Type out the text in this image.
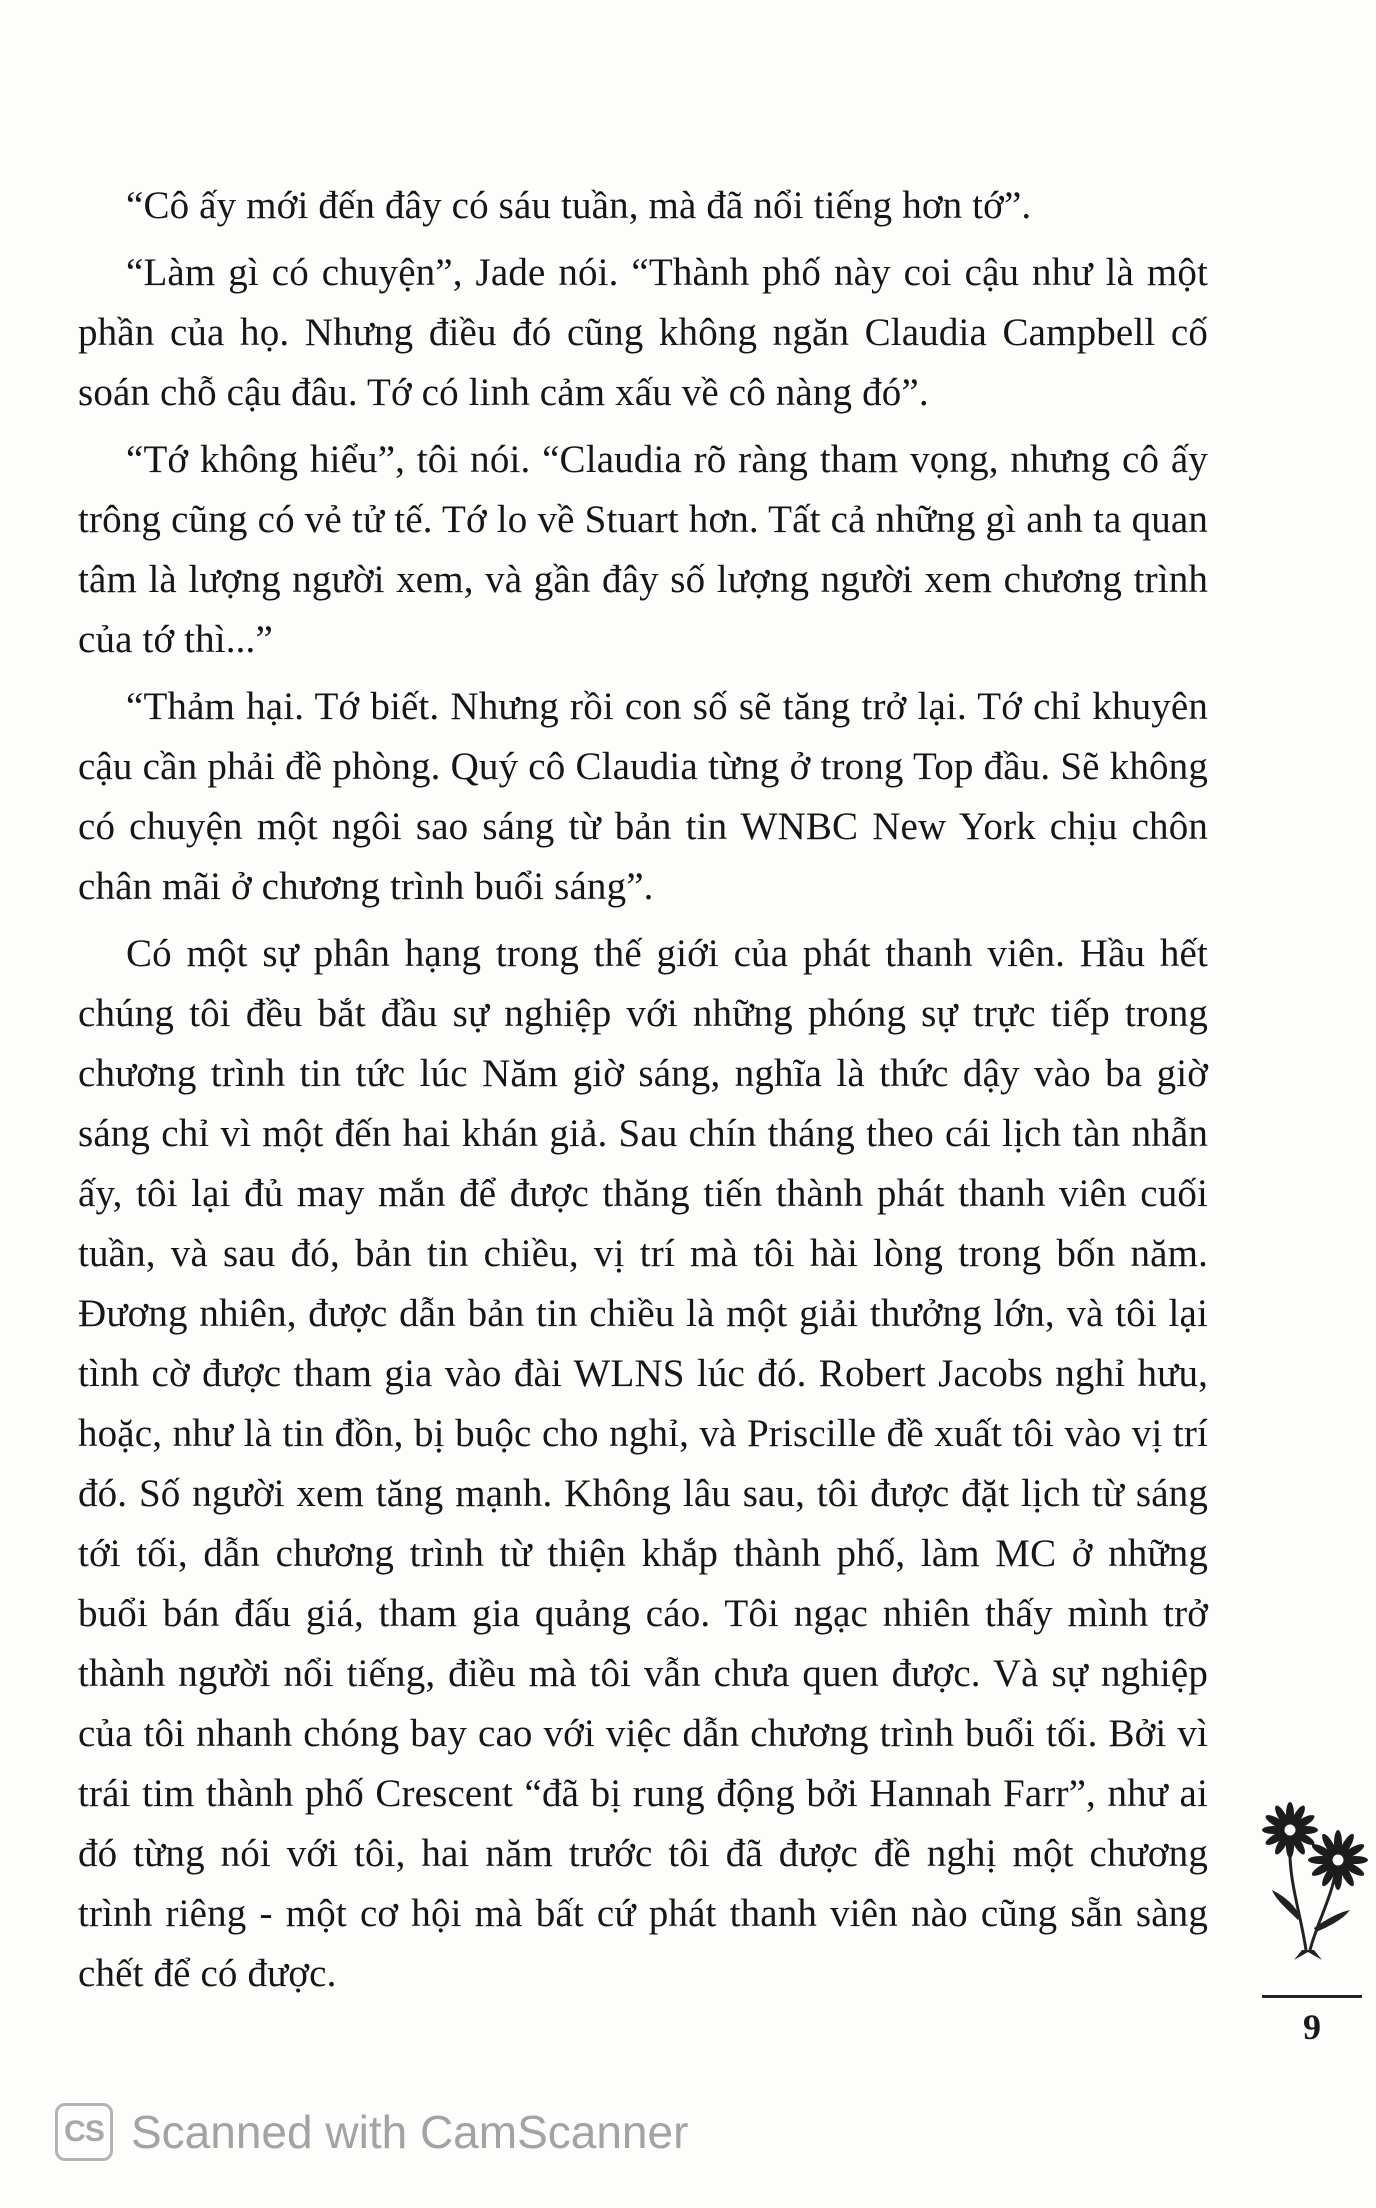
“Cô ấy mới đến đây có sáu tuần, mà đã nổi tiếng hơn tớ”.

“Làm gì có chuyện”, Jade nói. “Thành phố này coi cậu như là một phần của họ. Nhưng điều đó cũng không ngăn Claudia Campbell cố soán chỗ cậu đâu. Tớ có linh cảm xấu về cô nàng đó”.

“Tớ không hiểu”, tôi nói. “Claudia rõ ràng tham vọng, nhưng cô ấy trông cũng có vẻ tử tế. Tớ lo về Stuart hơn. Tất cả những gì anh ta quan tâm là lượng người xem, và gần đây số lượng người xem chương trình của tớ thì...”

“Thảm hại. Tớ biết. Nhưng rồi con số sẽ tăng trở lại. Tớ chỉ khuyên cậu cần phải đề phòng. Quý cô Claudia từng ở trong Top đầu. Sẽ không có chuyện một ngôi sao sáng từ bản tin WNBC New York chịu chôn chân mãi ở chương trình buổi sáng”.

Có một sự phân hạng trong thế giới của phát thanh viên. Hầu hết chúng tôi đều bắt đầu sự nghiệp với những phóng sự trực tiếp trong chương trình tin tức lúc Năm giờ sáng, nghĩa là thức dậy vào ba giờ sáng chỉ vì một đến hai khán giả. Sau chín tháng theo cái lịch tàn nhẫn ấy, tôi lại đủ may mắn để được thăng tiến thành phát thanh viên cuối tuần, và sau đó, bản tin chiều, vị trí mà tôi hài lòng trong bốn năm. Đương nhiên, được dẫn bản tin chiều là một giải thưởng lớn, và tôi lại tình cờ được tham gia vào đài WLNS lúc đó. Robert Jacobs nghỉ hưu, hoặc, như là tin đồn, bị buộc cho nghỉ, và Priscille đề xuất tôi vào vị trí đó. Số người xem tăng mạnh. Không lâu sau, tôi được đặt lịch từ sáng tới tối, dẫn chương trình từ thiện khắp thành phố, làm MC ở những buổi bán đấu giá, tham gia quảng cáo. Tôi ngạc nhiên thấy mình trở thành người nổi tiếng, điều mà tôi vẫn chưa quen được. Và sự nghiệp của tôi nhanh chóng bay cao với việc dẫn chương trình buổi tối. Bởi vì trái tim thành phố Crescent “đã bị rung động bởi Hannah Farr”, như ai đó từng nói với tôi, hai năm trước tôi đã được đề nghị một chương trình riêng - một cơ hội mà bất cứ phát thanh viên nào cũng sẵn sàng chết để có được.

9
CS Scanned with CamScanner
